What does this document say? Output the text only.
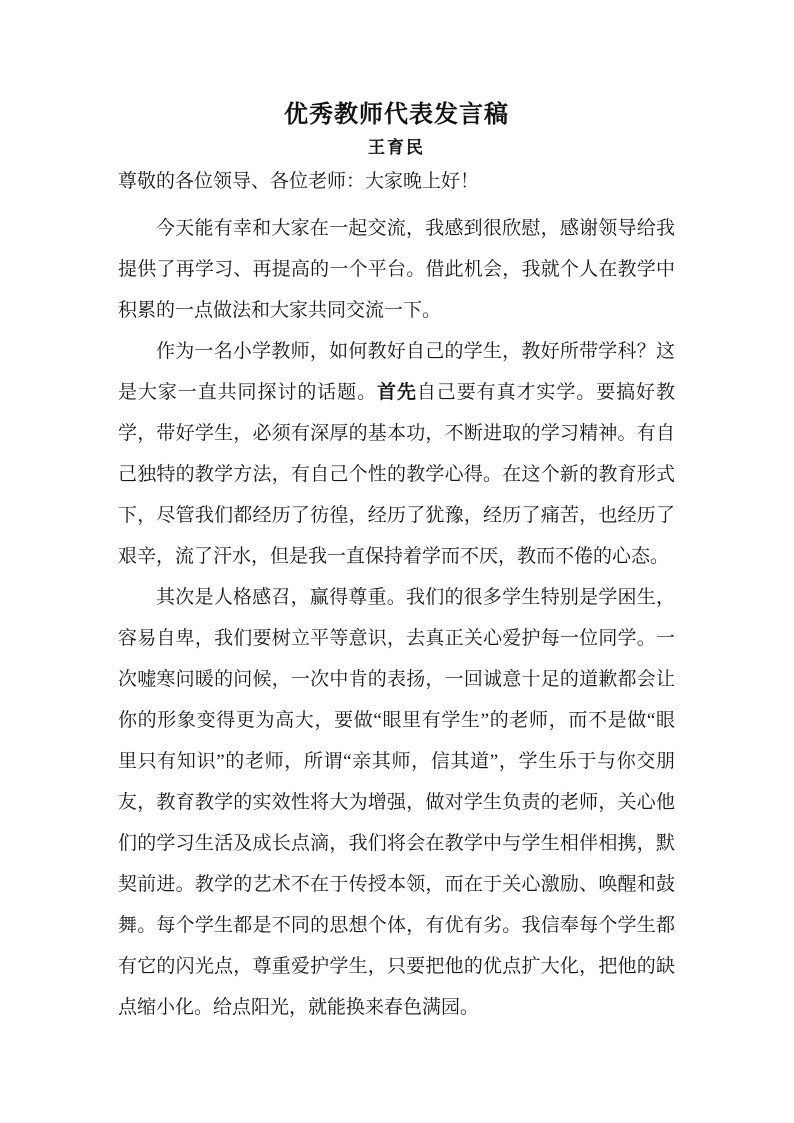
优秀教师代表发言稿
王育民

尊敬的各位领导、各位老师：大家晚上好！

今天能有幸和大家在一起交流，我感到很欣慰，感谢领导给我提供了再学习、再提高的一个平台。借此机会，我就个人在教学中积累的一点做法和大家共同交流一下。

作为一名小学教师，如何教好自己的学生，教好所带学科？这是大家一直共同探讨的话题。首先自己要有真才实学。要搞好教学，带好学生，必须有深厚的基本功，不断进取的学习精神。有自己独特的教学方法，有自己个性的教学心得。在这个新的教育形式下，尽管我们都经历了彷徨，经历了犹豫，经历了痛苦，也经历了艰辛，流了汗水，但是我一直保持着学而不厌，教而不倦的心态。

其次是人格感召，赢得尊重。我们的很多学生特别是学困生，容易自卑，我们要树立平等意识，去真正关心爱护每一位同学。一次嘘寒问暖的问候，一次中肯的表扬，一回诚意十足的道歉都会让你的形象变得更为高大，要做“眼里有学生”的老师，而不是做“眼里只有知识”的老师，所谓“亲其师，信其道”，学生乐于与你交朋友，教育教学的实效性将大为增强，做对学生负责的老师，关心他们的学习生活及成长点滴，我们将会在教学中与学生相伴相携，默契前进。教学的艺术不在于传授本领，而在于关心激励、唤醒和鼓舞。每个学生都是不同的思想个体，有优有劣。我信奉每个学生都有它的闪光点，尊重爱护学生，只要把他的优点扩大化，把他的缺点缩小化。给点阳光，就能换来春色满园。
